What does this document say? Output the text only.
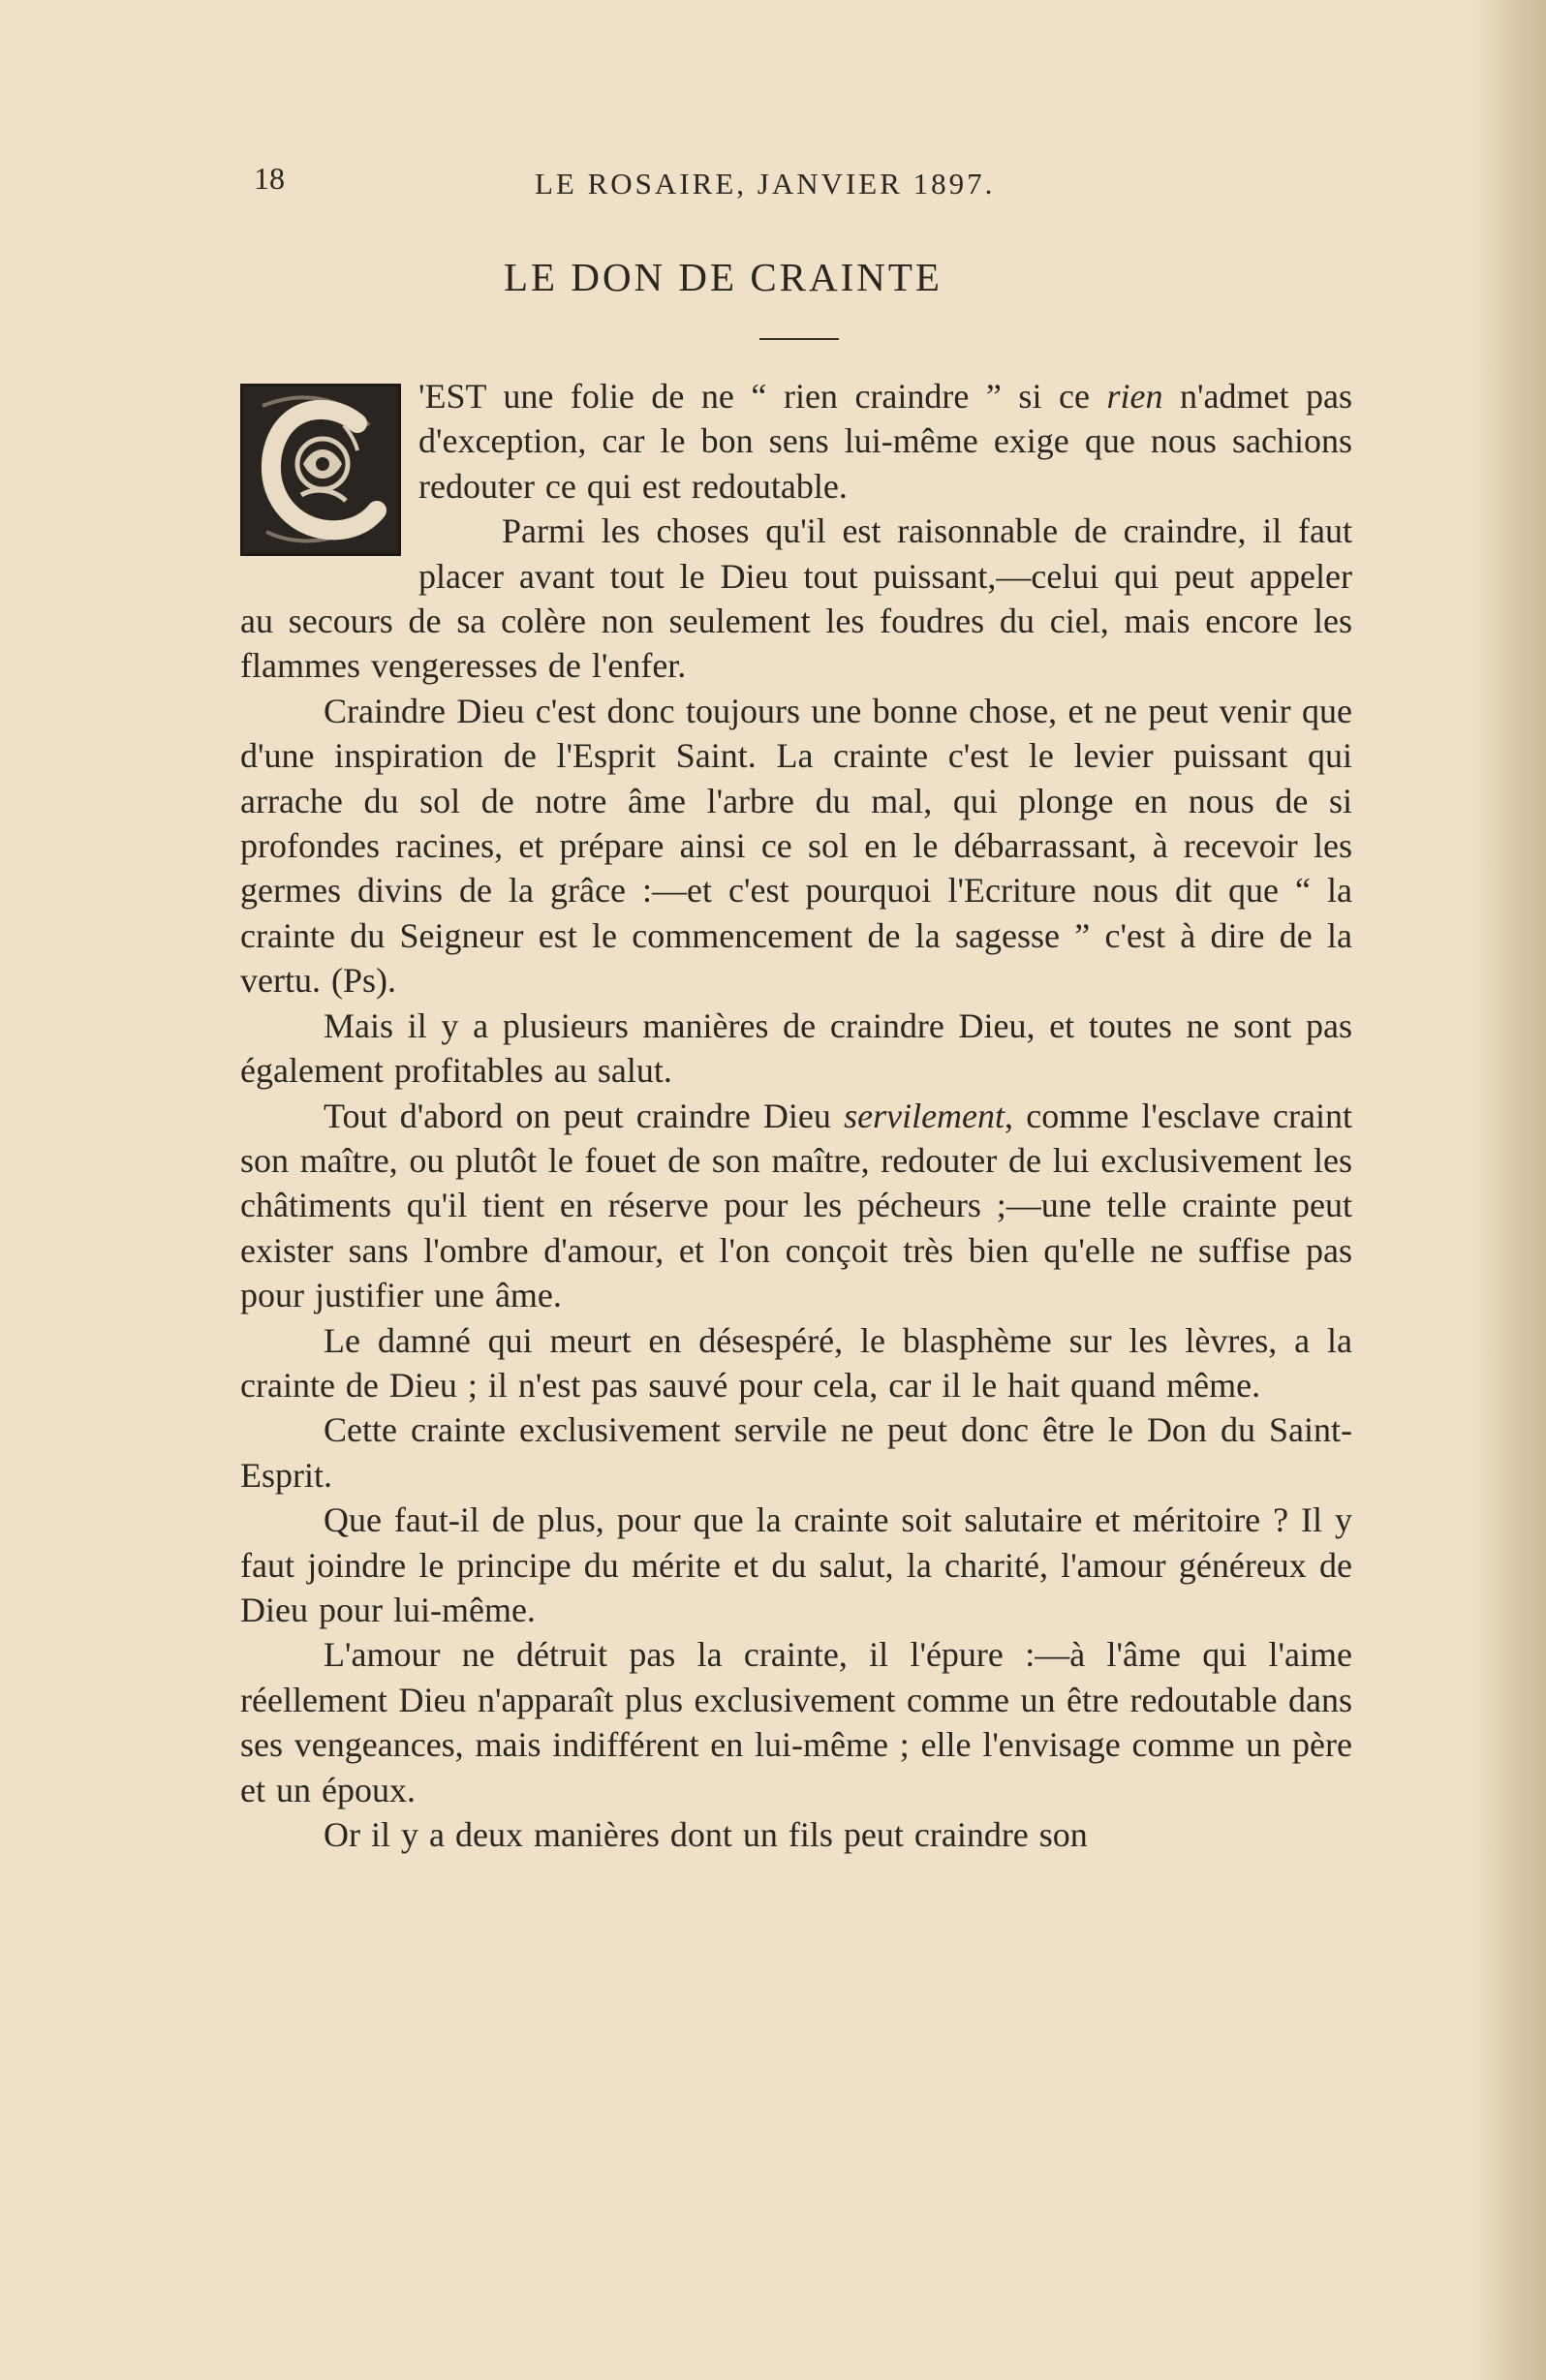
18	LE ROSAIRE, JANVIER 1897.
LE DON DE CRAINTE

'EST une folie de ne “ rien craindre ” si ce rien n'admet pas d'exception, car le bon sens lui-même exige que nous sachions redouter ce qui est redoutable.

Parmi les choses qu'il est raisonnable de craindre, il faut placer avant tout le Dieu tout puissant,—celui qui peut appeler au secours de sa colère non seulement les foudres du ciel, mais encore les flammes vengeresses de l'enfer.

Craindre Dieu c'est donc toujours une bonne chose, et ne peut venir que d'une inspiration de l'Esprit Saint. La crainte c'est le levier puissant qui arrache du sol de notre âme l'arbre du mal, qui plonge en nous de si profondes racines, et prépare ainsi ce sol en le débarrassant, à recevoir les germes divins de la grâce :—et c'est pourquoi l'Ecriture nous dit que “ la crainte du Seigneur est le commencement de la sagesse ” c'est à dire de la vertu. (Ps).

Mais il y a plusieurs manières de craindre Dieu, et toutes ne sont pas également profitables au salut.

Tout d'abord on peut craindre Dieu servilement, comme l'esclave craint son maître, ou plutôt le fouet de son maître, redouter de lui exclusivement les châtiments qu'il tient en réserve pour les pécheurs ;—une telle crainte peut exister sans l'ombre d'amour, et l'on conçoit très bien qu'elle ne suffise pas pour justifier une âme.

Le damné qui meurt en désespéré, le blasphème sur les lèvres, a la crainte de Dieu ; il n'est pas sauvé pour cela, car il le hait quand même.

Cette crainte exclusivement servile ne peut donc être le Don du Saint-Esprit.

Que faut-il de plus, pour que la crainte soit salutaire et méritoire ? Il y faut joindre le principe du mérite et du salut, la charité, l'amour généreux de Dieu pour lui-même.

L'amour ne détruit pas la crainte, il l'épure :—à l'âme qui l'aime réellement Dieu n'apparaît plus exclusivement comme un être redoutable dans ses vengeances, mais indifférent en lui-même ; elle l'envisage comme un père et un époux.

Or il y a deux manières dont un fils peut craindre son
